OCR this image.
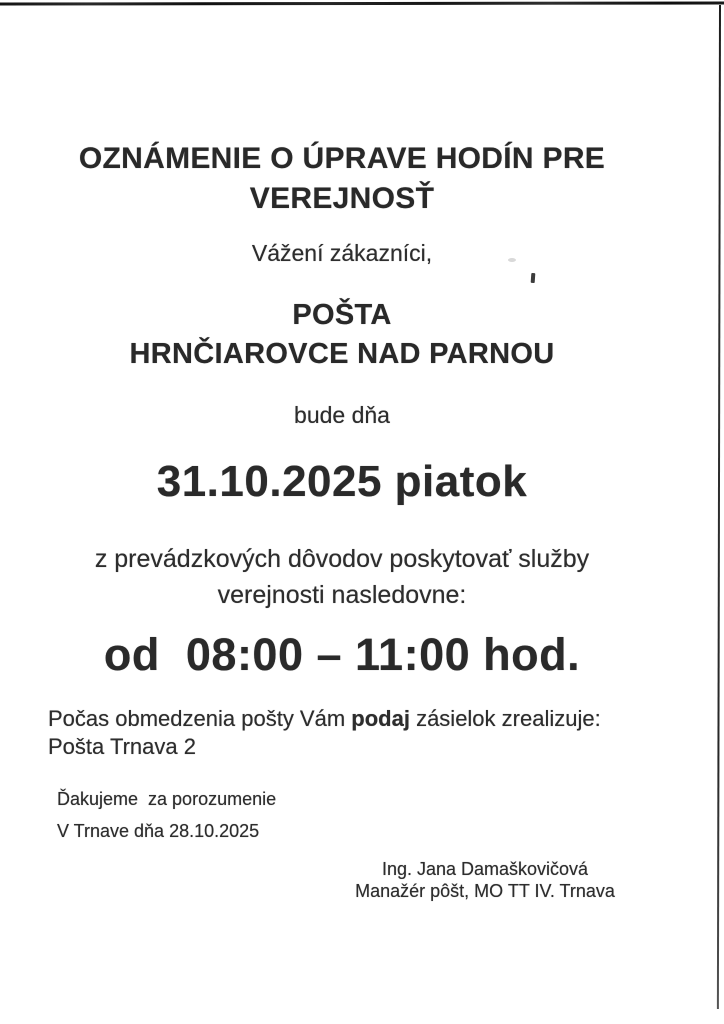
OZNÁMENIE O ÚPRAVE HODÍN PRE
VEREJNOSŤ

Vážení zákazníci,

POŠTA
HRNČIAROVCE NAD PARNOU

bude dňa

31.10.2025 piatok

z prevádzkových dôvodov poskytovať služby
verejnosti nasledovne:

od  08:00 – 11:00 hod.

Počas obmedzenia pošty Vám podaj zásielok zrealizuje:
Pošta Trnava 2

Ďakujeme  za porozumenie

V Trnave dňa 28.10.2025

Ing. Jana Damaškovičová
Manažér pôšt, MO TT IV. Trnava
